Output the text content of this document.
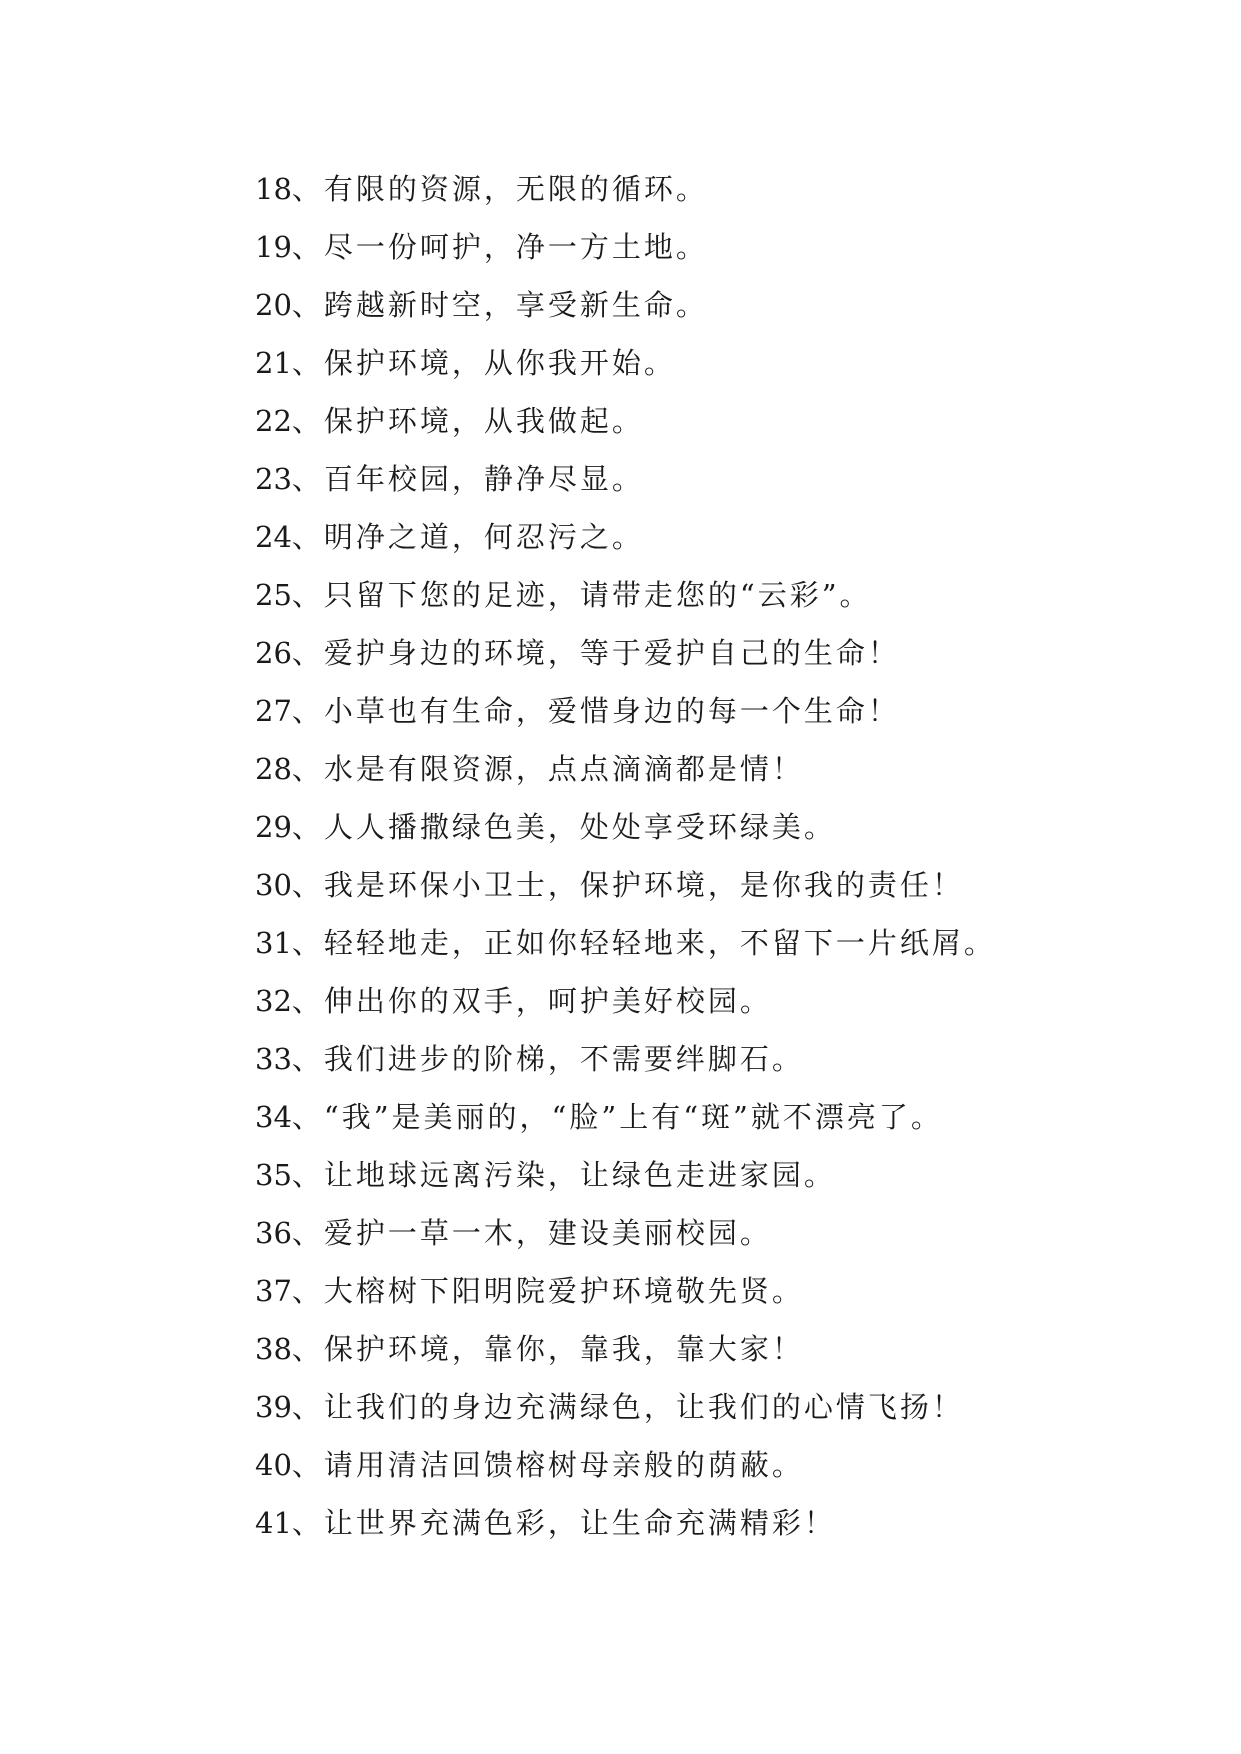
18、有限的资源，无限的循环。
19、尽一份呵护，净一方土地。
20、跨越新时空，享受新生命。
21、保护环境，从你我开始。
22、保护环境，从我做起。
23、百年校园，静净尽显。
24、明净之道，何忍污之。
25、只留下您的足迹，请带走您的“云彩”。
26、爱护身边的环境，等于爱护自己的生命！
27、小草也有生命，爱惜身边的每一个生命！
28、水是有限资源，点点滴滴都是情！
29、人人播撒绿色美，处处享受环绿美。
30、我是环保小卫士，保护环境，是你我的责任！
31、轻轻地走，正如你轻轻地来，不留下一片纸屑。
32、伸出你的双手，呵护美好校园。
33、我们进步的阶梯，不需要绊脚石。
34、“我”是美丽的，“脸”上有“斑”就不漂亮了。
35、让地球远离污染，让绿色走进家园。
36、爱护一草一木，建设美丽校园。
37、大榕树下阳明院爱护环境敬先贤。
38、保护环境，靠你，靠我，靠大家！
39、让我们的身边充满绿色，让我们的心情飞扬！
40、请用清洁回馈榕树母亲般的荫蔽。
41、让世界充满色彩，让生命充满精彩！
